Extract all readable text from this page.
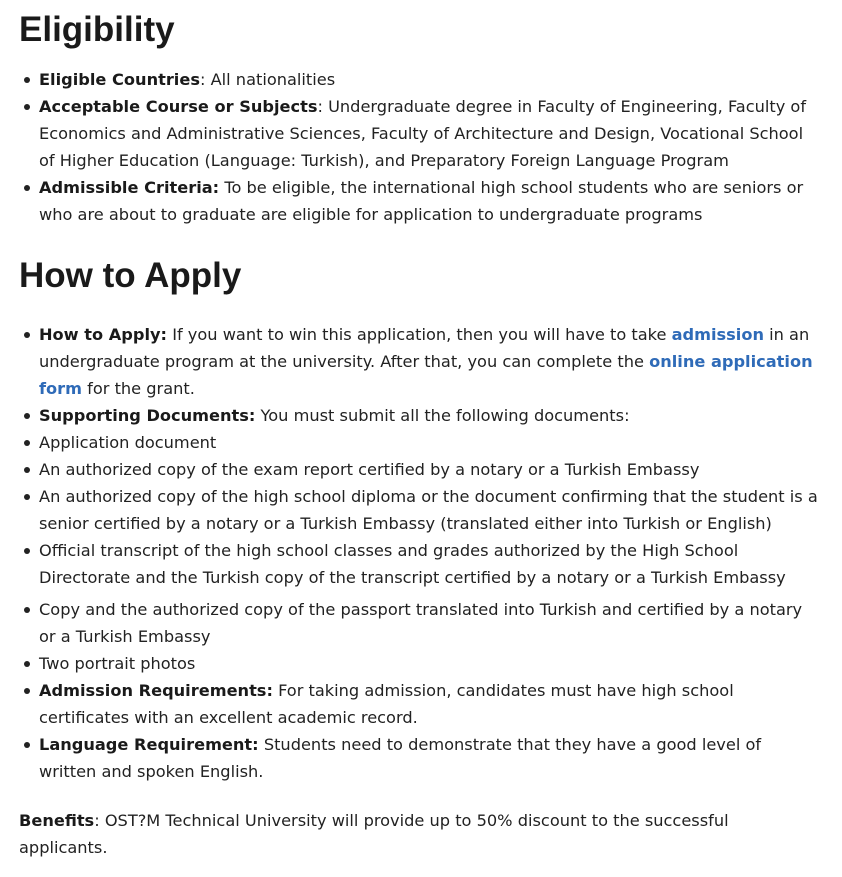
Eligibility
Eligible Countries: All nationalities
Acceptable Course or Subjects: Undergraduate degree in Faculty of Engineering, Faculty of Economics and Administrative Sciences, Faculty of Architecture and Design, Vocational School of Higher Education (Language: Turkish), and Preparatory Foreign Language Program
Admissible Criteria: To be eligible, the international high school students who are seniors or who are about to graduate are eligible for application to undergraduate programs
How to Apply
How to Apply: If you want to win this application, then you will have to take admission in an undergraduate program at the university. After that, you can complete the online application form for the grant.
Supporting Documents: You must submit all the following documents:
Application document
An authorized copy of the exam report certified by a notary or a Turkish Embassy
An authorized copy of the high school diploma or the document confirming that the student is a senior certified by a notary or a Turkish Embassy (translated either into Turkish or English)
Official transcript of the high school classes and grades authorized by the High School Directorate and the Turkish copy of the transcript certified by a notary or a Turkish Embassy
Copy and the authorized copy of the passport translated into Turkish and certified by a notary or a Turkish Embassy
Two portrait photos
Admission Requirements: For taking admission, candidates must have high school certificates with an excellent academic record.
Language Requirement: Students need to demonstrate that they have a good level of written and spoken English.

Benefits: OST?M Technical University will provide up to 50% discount to the successful applicants.
